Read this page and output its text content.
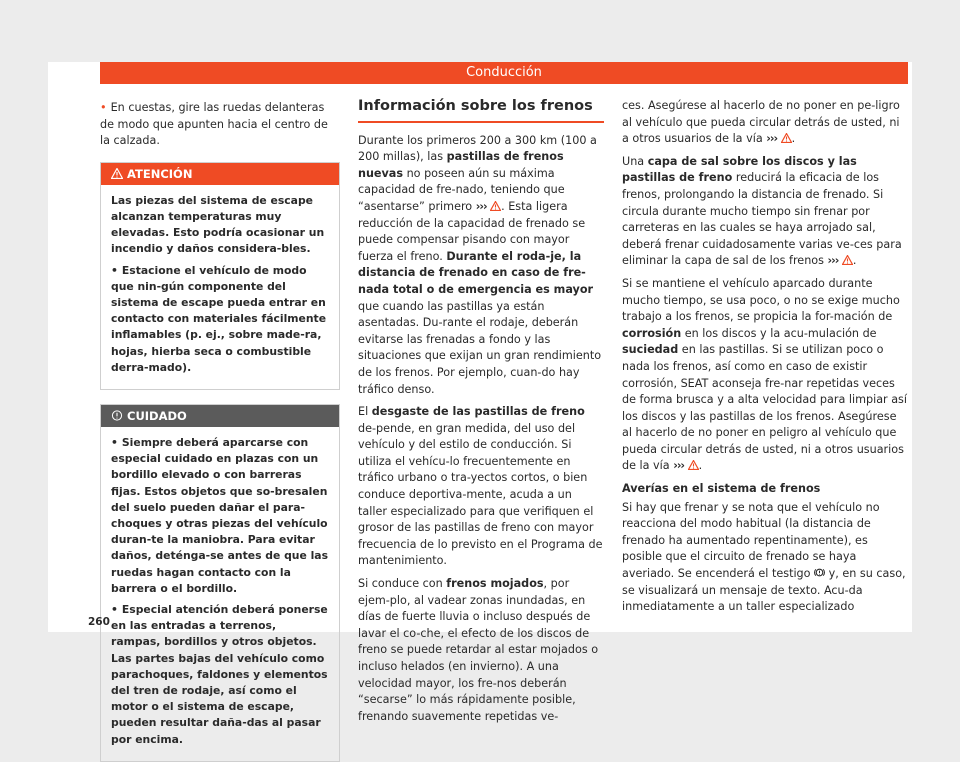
Conducción

• En cuestas, gire las ruedas delanteras de modo que apunten hacia el centro de la calzada.

ATENCIÓN

Las piezas del sistema de escape alcanzan temperaturas muy elevadas. Esto podría ocasionar un incendio y daños considera-bles.

• Estacione el vehículo de modo que nin-gún componente del sistema de escape pueda entrar en contacto con materiales fácilmente inflamables (p. ej., sobre made-ra, hojas, hierba seca o combustible derra-mado).

CUIDADO

• Siempre deberá aparcarse con especial cuidado en plazas con un bordillo elevado o con barreras fijas. Estos objetos que so-bresalen del suelo pueden dañar el para-choques y otras piezas del vehículo duran-te la maniobra. Para evitar daños, deténga-se antes de que las ruedas hagan contacto con la barrera o el bordillo.

• Especial atención deberá ponerse en las entradas a terrenos, rampas, bordillos y otros objetos. Las partes bajas del vehículo como parachoques, faldones y elementos del tren de rodaje, así como el motor o el sistema de escape, pueden resultar daña-das al pasar por encima.

Información sobre los frenos

Durante los primeros 200 a 300 km (100 a 200 millas), las pastillas de frenos nuevas no poseen aún su máxima capacidad de fre-nado, teniendo que “asentarse” primero ››› . Esta ligera reducción de la capacidad de frenado se puede compensar pisando con mayor fuerza el freno. Durante el roda-je, la distancia de frenado en caso de fre-nada total o de emergencia es mayor que cuando las pastillas ya están asentadas. Du-rante el rodaje, deberán evitarse las frenadas a fondo y las situaciones que exijan un gran rendimiento de los frenos. Por ejemplo, cuan-do hay tráfico denso.

El desgaste de las pastillas de freno de-pende, en gran medida, del uso del vehículo y del estilo de conducción. Si utiliza el vehícu-lo frecuentemente en tráfico urbano o tra-yectos cortos, o bien conduce deportiva-mente, acuda a un taller especializado para que verifiquen el grosor de las pastillas de freno con mayor frecuencia de lo previsto en el Programa de mantenimiento.

Si conduce con frenos mojados, por ejem-plo, al vadear zonas inundadas, en días de fuerte lluvia o incluso después de lavar el co-che, el efecto de los discos de freno se puede retardar al estar mojados o incluso helados (en invierno). A una velocidad mayor, los fre-nos deberán “secarse” lo más rápidamente posible, frenando suavemente repetidas ve-

ces. Asegúrese al hacerlo de no poner en pe-ligro al vehículo que pueda circular detrás de usted, ni a otros usuarios de la vía ››› .

Una capa de sal sobre los discos y las pastillas de freno reducirá la eficacia de los frenos, prolongando la distancia de frenado. Si circula durante mucho tiempo sin frenar por carreteras en las cuales se haya arrojado sal, deberá frenar cuidadosamente varias ve-ces para eliminar la capa de sal de los frenos ››› .

Si se mantiene el vehículo aparcado durante mucho tiempo, se usa poco, o no se exige mucho trabajo a los frenos, se propicia la for-mación de corrosión en los discos y la acu-mulación de suciedad en las pastillas. Si se utilizan poco o nada los frenos, así como en caso de existir corrosión, SEAT aconseja fre-nar repetidas veces de forma brusca y a alta velocidad para limpiar así los discos y las pastillas de los frenos. Asegúrese al hacerlo de no poner en peligro al vehículo que pueda circular detrás de usted, ni a otros usuarios de la vía ››› .

Averías en el sistema de frenos

Si hay que frenar y se nota que el vehículo no reacciona del modo habitual (la distancia de frenado ha aumentado repentinamente), es posible que el circuito de frenado se haya averiado. Se encenderá el testigo  y, en su caso, se visualizará un mensaje de texto. Acu-da inmediatamente a un taller especializado

260
